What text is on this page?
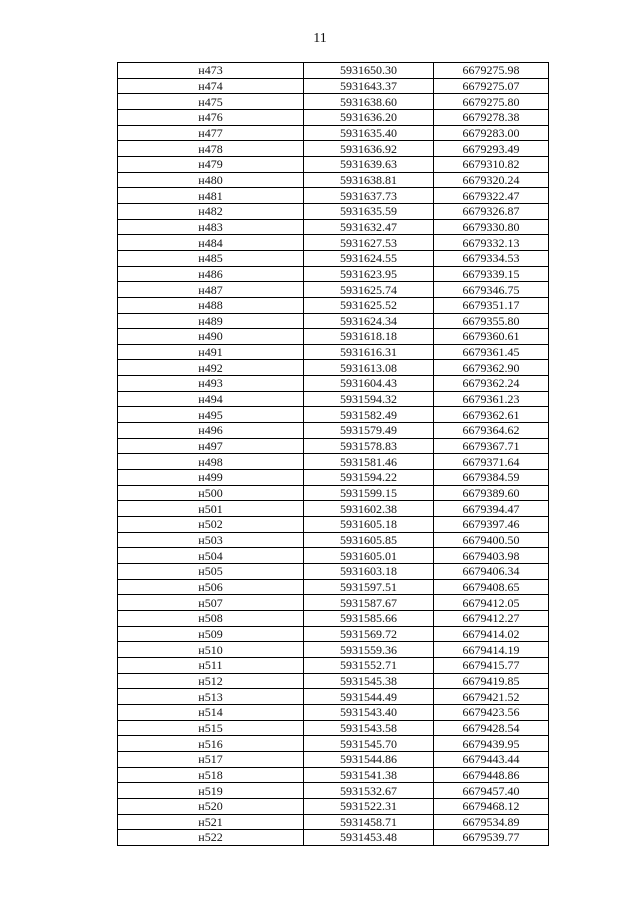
11
н473	5931650.30	6679275.98
н474	5931643.37	6679275.07
н475	5931638.60	6679275.80
н476	5931636.20	6679278.38
н477	5931635.40	6679283.00
н478	5931636.92	6679293.49
н479	5931639.63	6679310.82
н480	5931638.81	6679320.24
н481	5931637.73	6679322.47
н482	5931635.59	6679326.87
н483	5931632.47	6679330.80
н484	5931627.53	6679332.13
н485	5931624.55	6679334.53
н486	5931623.95	6679339.15
н487	5931625.74	6679346.75
н488	5931625.52	6679351.17
н489	5931624.34	6679355.80
н490	5931618.18	6679360.61
н491	5931616.31	6679361.45
н492	5931613.08	6679362.90
н493	5931604.43	6679362.24
н494	5931594.32	6679361.23
н495	5931582.49	6679362.61
н496	5931579.49	6679364.62
н497	5931578.83	6679367.71
н498	5931581.46	6679371.64
н499	5931594.22	6679384.59
н500	5931599.15	6679389.60
н501	5931602.38	6679394.47
н502	5931605.18	6679397.46
н503	5931605.85	6679400.50
н504	5931605.01	6679403.98
н505	5931603.18	6679406.34
н506	5931597.51	6679408.65
н507	5931587.67	6679412.05
н508	5931585.66	6679412.27
н509	5931569.72	6679414.02
н510	5931559.36	6679414.19
н511	5931552.71	6679415.77
н512	5931545.38	6679419.85
н513	5931544.49	6679421.52
н514	5931543.40	6679423.56
н515	5931543.58	6679428.54
н516	5931545.70	6679439.95
н517	5931544.86	6679443.44
н518	5931541.38	6679448.86
н519	5931532.67	6679457.40
н520	5931522.31	6679468.12
н521	5931458.71	6679534.89
н522	5931453.48	6679539.77
